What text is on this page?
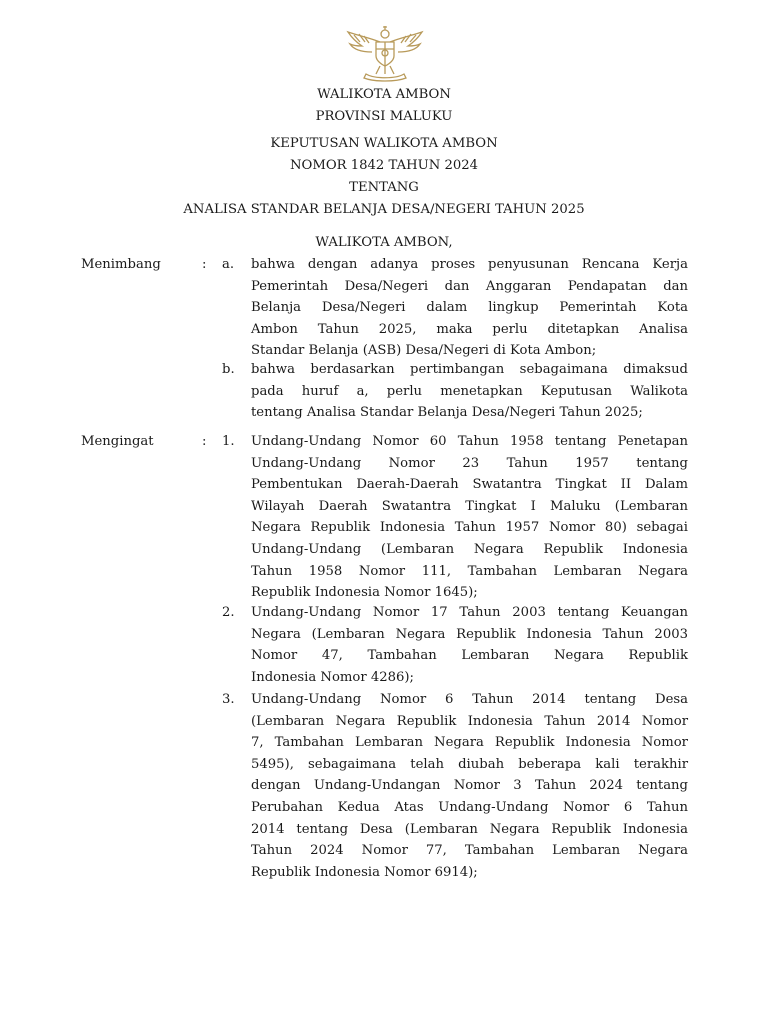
WALIKOTA AMBON
PROVINSI MALUKU
KEPUTUSAN WALIKOTA AMBON
NOMOR 1842 TAHUN 2024
TENTANG
ANALISA STANDAR BELANJA DESA/NEGERI TAHUN 2025
WALIKOTA AMBON,
Menimbang	: a. bahwa dengan adanya proses penyusunan Rencana Kerja
Pemerintah Desa/Negeri dan Anggaran Pendapatan dan
Belanja Desa/Negeri dalam lingkup Pemerintah Kota
Ambon Tahun 2025, maka perlu ditetapkan Analisa
Standar Belanja (ASB) Desa/Negeri di Kota Ambon;
b. bahwa berdasarkan pertimbangan sebagaimana dimaksud
pada huruf a, perlu menetapkan Keputusan Walikota
tentang Analisa Standar Belanja Desa/Negeri Tahun 2025;
Mengingat	: 1. Undang-Undang Nomor 60 Tahun 1958 tentang Penetapan
Undang-Undang Nomor 23 Tahun 1957 tentang
Pembentukan Daerah-Daerah Swatantra Tingkat II Dalam
Wilayah Daerah Swatantra Tingkat I Maluku (Lembaran
Negara Republik Indonesia Tahun 1957 Nomor 80) sebagai
Undang-Undang (Lembaran Negara Republik Indonesia
Tahun 1958 Nomor 111, Tambahan Lembaran Negara
Republik Indonesia Nomor 1645);
2. Undang-Undang Nomor 17 Tahun 2003 tentang Keuangan
Negara (Lembaran Negara Republik Indonesia Tahun 2003
Nomor 47, Tambahan Lembaran Negara Republik
Indonesia Nomor 4286);
3. Undang-Undang Nomor 6 Tahun 2014 tentang Desa
(Lembaran Negara Republik Indonesia Tahun 2014 Nomor
7, Tambahan Lembaran Negara Republik Indonesia Nomor
5495), sebagaimana telah diubah beberapa kali terakhir
dengan Undang-Undangan Nomor 3 Tahun 2024 tentang
Perubahan Kedua Atas Undang-Undang Nomor 6 Tahun
2014 tentang Desa (Lembaran Negara Republik Indonesia
Tahun 2024 Nomor 77, Tambahan Lembaran Negara
Republik Indonesia Nomor 6914);
